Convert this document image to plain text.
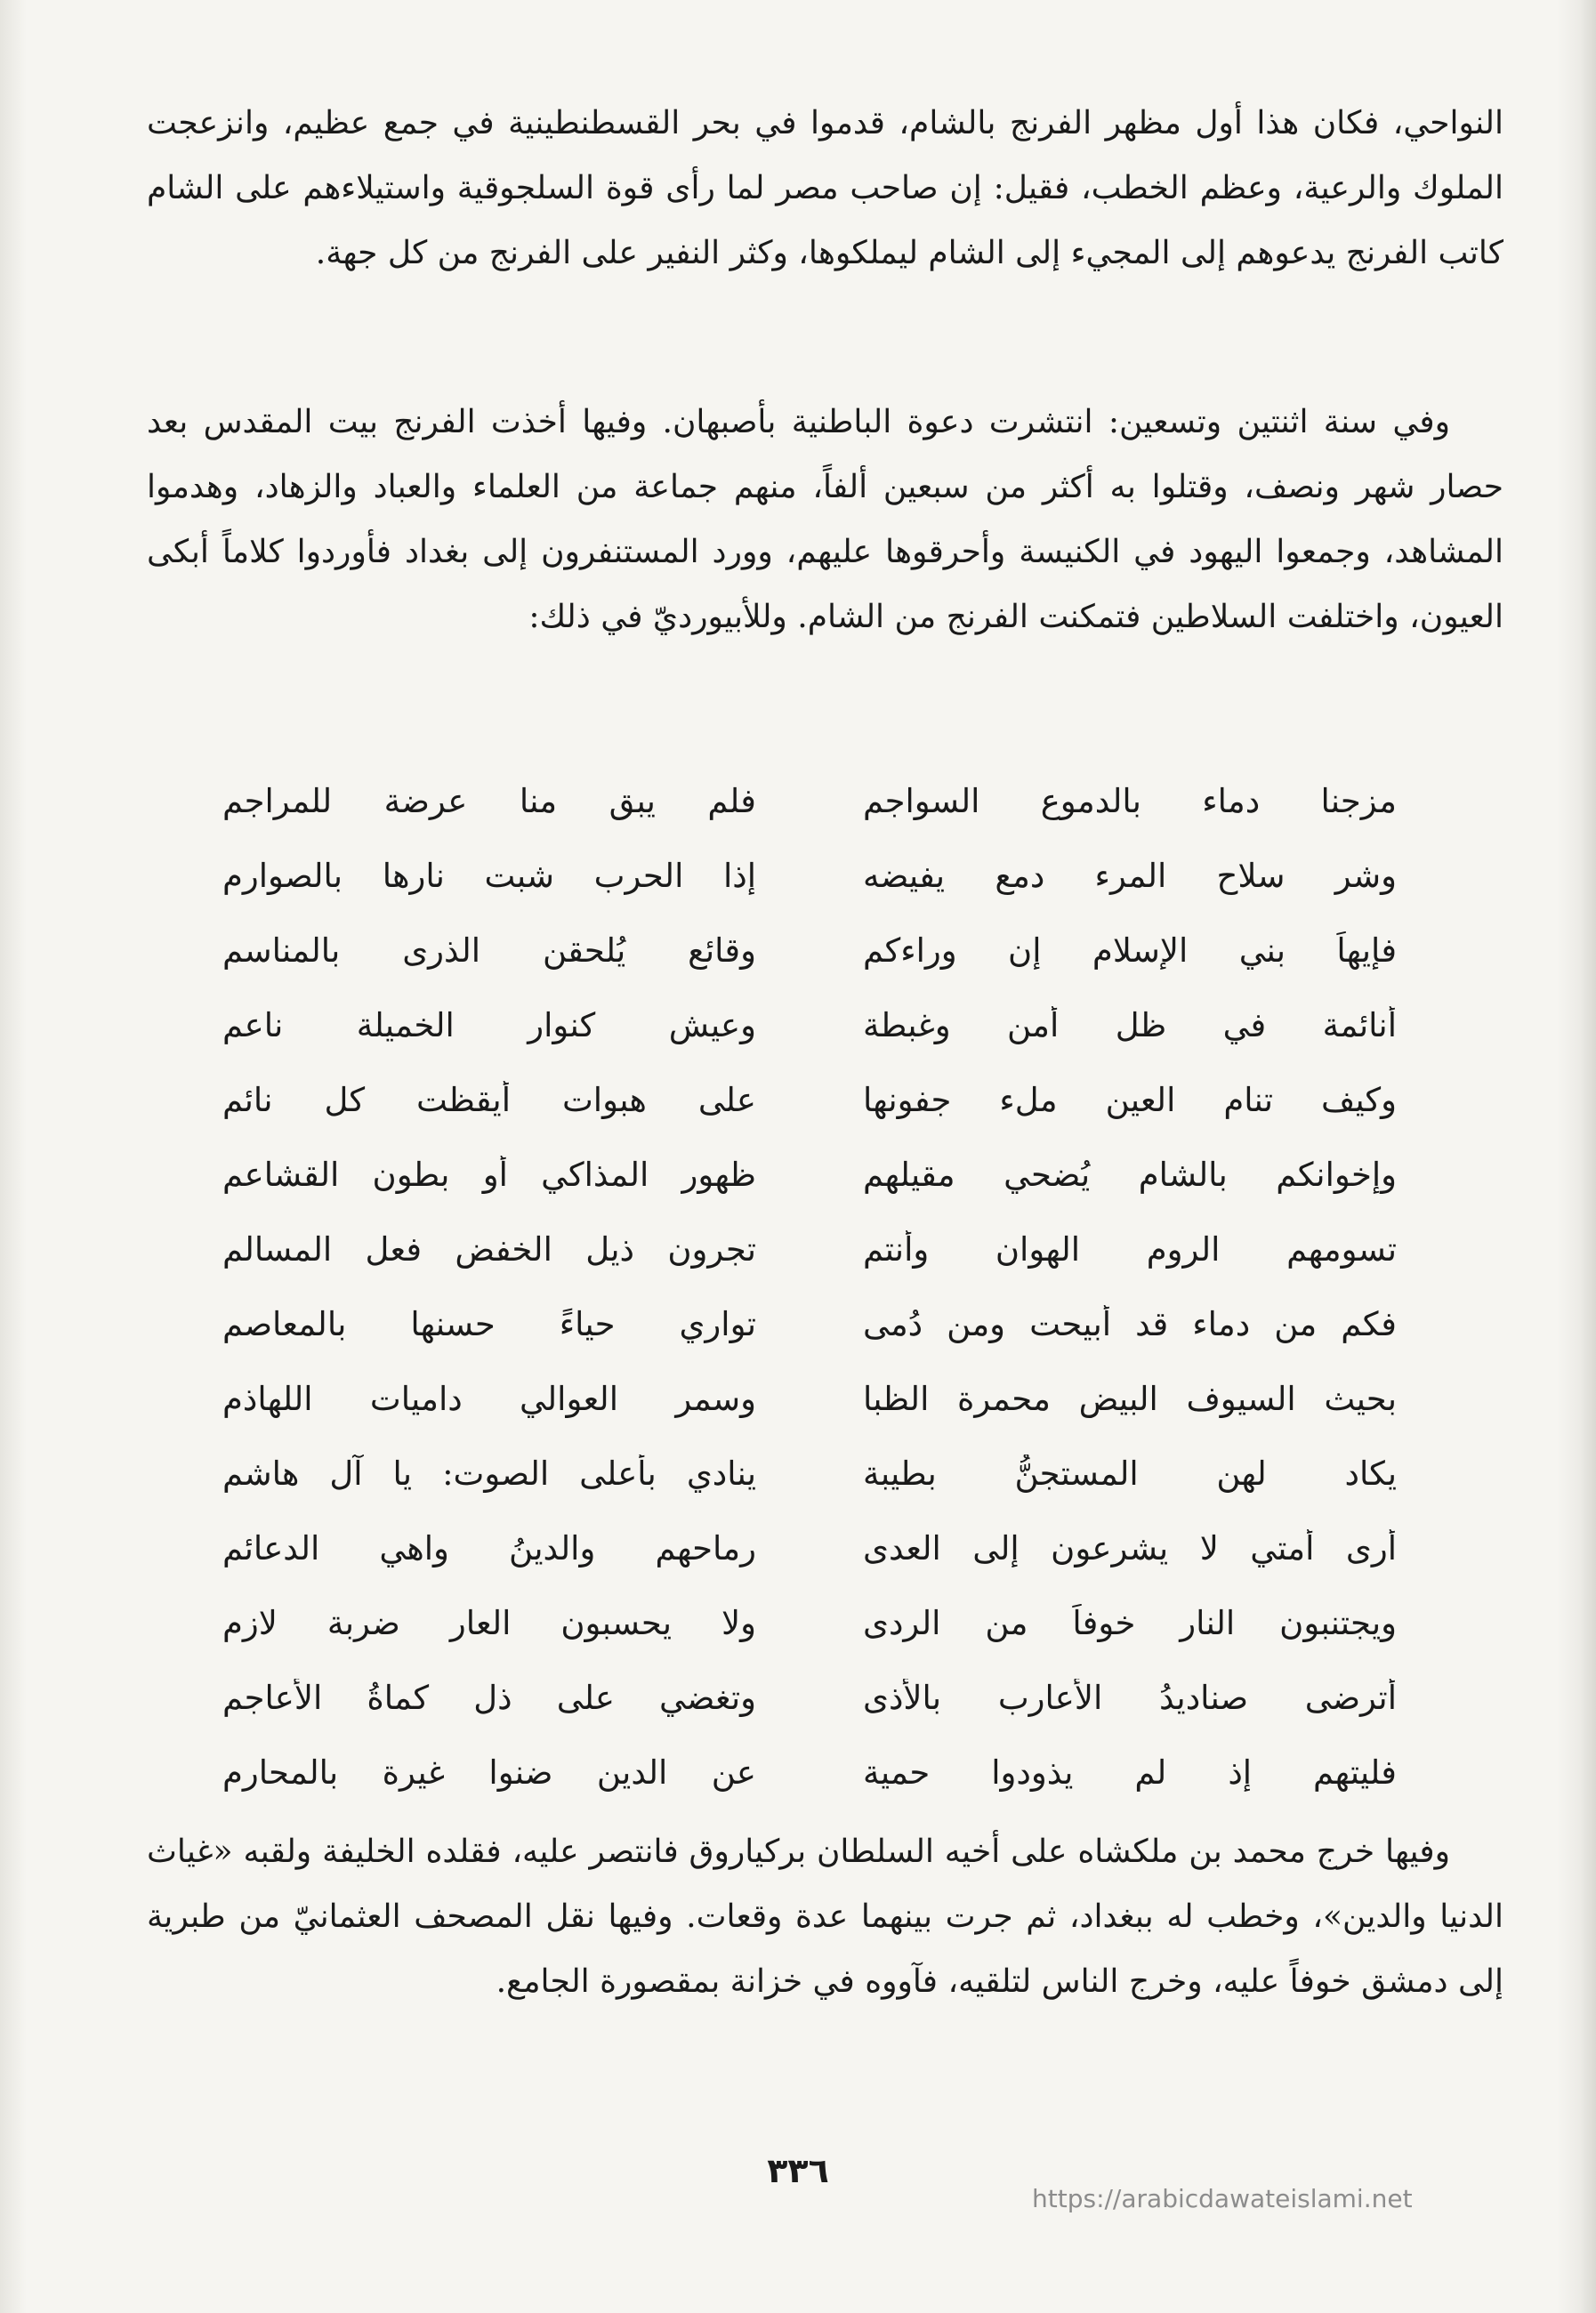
النواحي، فكان هذا أول مظهر الفرنج بالشام، قدموا في بحر القسطنطينية في جمع عظيم، وانزعجت الملوك والرعية، وعظم الخطب، فقيل: إن صاحب مصر لما رأى قوة السلجوقية واستيلاءهم على الشام كاتب الفرنج يدعوهم إلى المجيء إلى الشام ليملكوها، وكثر النفير على الفرنج من كل جهة.

وفي سنة اثنتين وتسعين: انتشرت دعوة الباطنية بأصبهان. وفيها أخذت الفرنج بيت المقدس بعد حصار شهر ونصف، وقتلوا به أكثر من سبعين ألفاً، منهم جماعة من العلماء والعباد والزهاد، وهدموا المشاهد، وجمعوا اليهود في الكنيسة وأحرقوها عليهم، وورد المستنفرون إلى بغداد فأوردوا كلاماً أبكى العيون، واختلفت السلاطين فتمكنت الفرنج من الشام. وللأبيورديّ في ذلك:

مزجنا دماء بالدموع السواجم
فلم يبق منا عرضة للمراجم
وشر سلاح المرء دمع يفيضه
إذا الحرب شبت نارها بالصوارم
فإيهاً بني الإسلام إن وراءكم
وقائع يُلحقن الذرى بالمناسم
أنائمة في ظل أمن وغبطة
وعيش كنوار الخميلة ناعم
وكيف تنام العين ملء جفونها
على هبوات أيقظت كل نائم
وإخوانكم بالشام يُضحي مقيلهم
ظهور المذاكي أو بطون القشاعم
تسومهم الروم الهوان وأنتم
تجرون ذيل الخفض فعل المسالم
فكم من دماء قد أبيحت ومن دُمى
تواري حياءً حسنها بالمعاصم
بحيث السيوف البيض محمرة الظبا
وسمر العوالي داميات اللهاذم
يكاد لهن المستجنُّ بطيبة
ينادي بأعلى الصوت: يا آل هاشم
أرى أمتي لا يشرعون إلى العدى
رماحهم والدينُ واهي الدعائم
ويجتنبون النار خوفاً من الردى
ولا يحسبون العار ضربة لازم
أترضى صناديدُ الأعارب بالأذى
وتغضي على ذل كماةُ الأعاجم
فليتهم إذ لم يذودوا حمية
عن الدين ضنوا غيرة بالمحارم

وفيها خرج محمد بن ملكشاه على أخيه السلطان بركياروق فانتصر عليه، فقلده الخليفة ولقبه «غياث الدنيا والدين»، وخطب له ببغداد، ثم جرت بينهما عدة وقعات. وفيها نقل المصحف العثمانيّ من طبرية إلى دمشق خوفاً عليه، وخرج الناس لتلقيه، فآووه في خزانة بمقصورة الجامع.

٣٣٦
https://arabicdawateislami.net
